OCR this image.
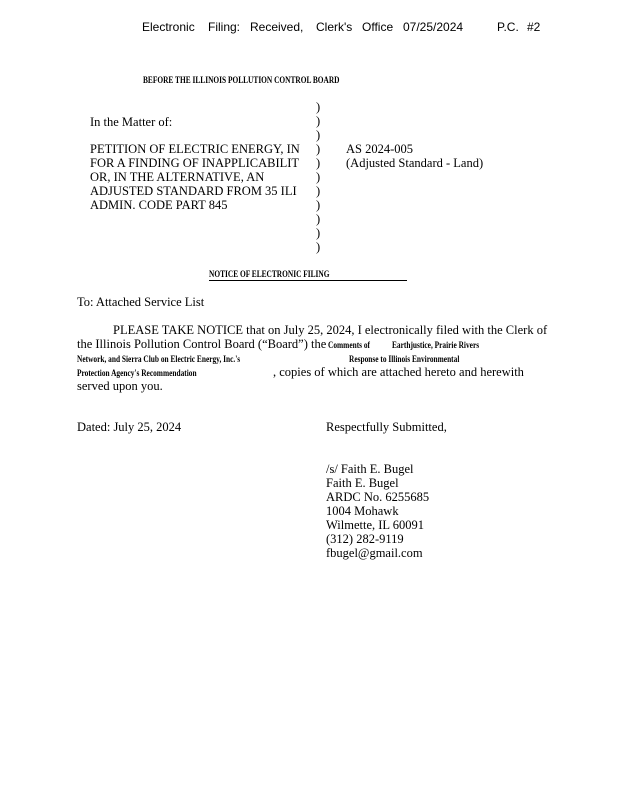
Electronic Filing: Received, Clerk's Office 07/25/2024	P.C. #2
BEFORE THE ILLINOIS POLLUTION CONTROL BOARD
In the Matter of:
PETITION OF ELECTRIC ENERGY, IN
FOR A FINDING OF INAPPLICABILIT
OR, IN THE ALTERNATIVE, AN
ADJUSTED STANDARD FROM 35 ILI
ADMIN. CODE PART 845
)
)
)
)
)
)
)
)
)
)
)
AS 2024-005
(Adjusted Standard - Land)
NOTICE OF ELECTRONIC FILING
To: Attached Service List
PLEASE TAKE NOTICE that on July 25, 2024, I electronically filed with the Clerk of
the Illinois Pollution Control Board (“Board”) the Comments of Earthjustice, Prairie Rivers
Network, and Sierra Club on Electric Energy, Inc.'s	Response to Illinois Environmental
Protection Agency's Recommendation	, copies of which are attached hereto and herewith
served upon you.
Dated: July 25, 2024	Respectfully Submitted,
/s/ Faith E. Bugel
Faith E. Bugel
ARDC No. 6255685
1004 Mohawk
Wilmette, IL 60091
(312) 282-9119
fbugel@gmail.com
